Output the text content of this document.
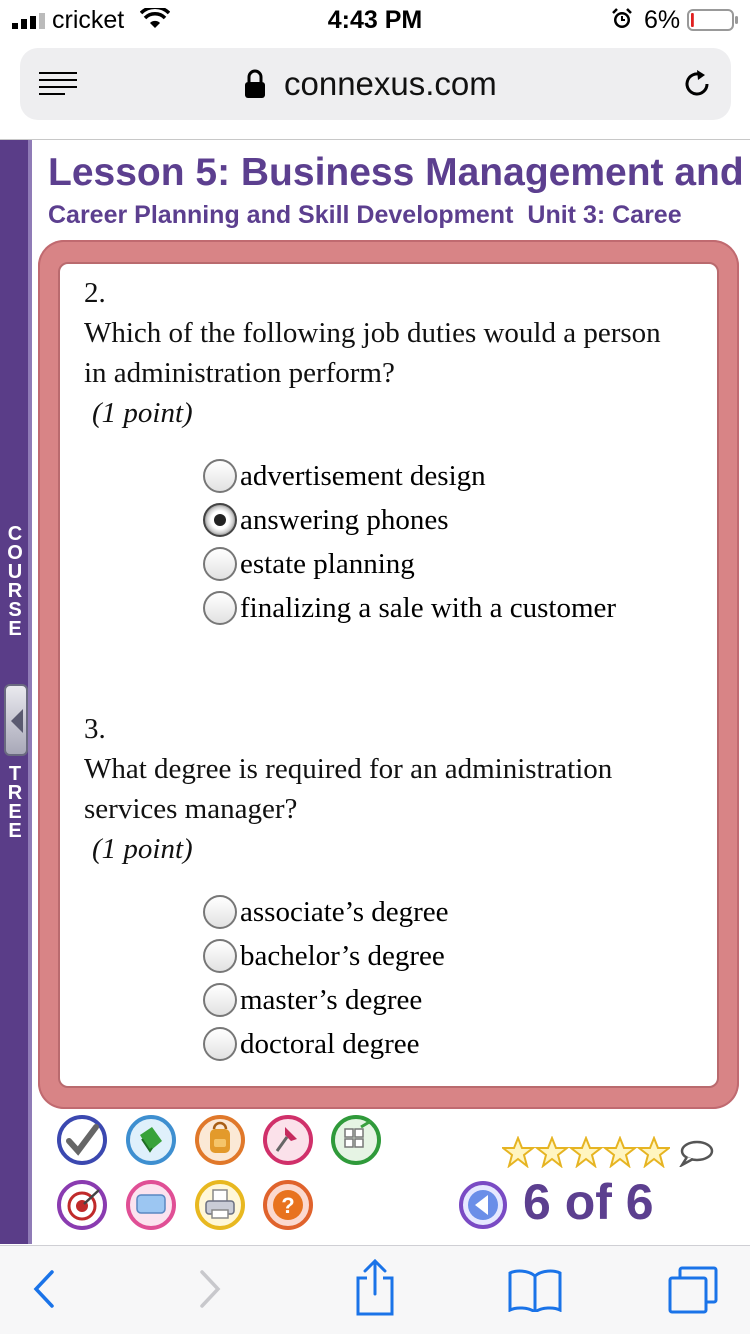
cricket	4:43 PM	6%
connexus.com
C
O
U
R
S
E
T
R
E
E
Lesson 5: Business Management and
Career Planning and Skill Development Unit 3: Caree
2.
Which of the following job duties would a person in administration perform?
(1 point)
advertisement design
answering phones
estate planning
finalizing a sale with a customer
3.
What degree is required for an administration services manager?
(1 point)
associate’s degree
bachelor’s degree
master’s degree
doctoral degree
?	6 of 6
